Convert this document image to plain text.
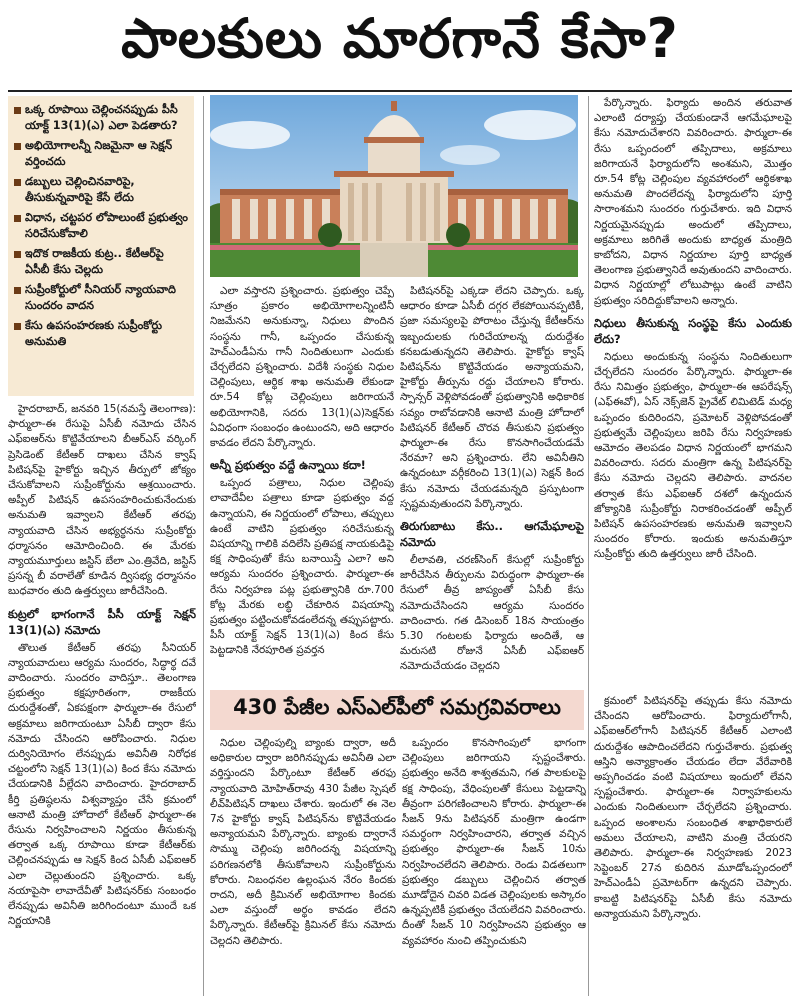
పాలకులు మారగానే కేసా?
ఒక్క రూపాయి చెల్లించనప్పుడు పీసీ యాక్ట్ 13(1)(ఎ) ఎలా పెడతారు?
అభియోగాలన్నీ నిజమైనా ఆ సెక్షన్ వర్తించదు
డబ్బులు చెల్లించినవారిపై, తీసుకున్నవారిపై కేసే లేదు
విధాన, చట్టపర లోపాలుంటే ప్రభుత్వం సరిచేసుకోవాలి
ఇదొక రాజకీయ కుట్ర.. కేటీఆర్‌పై ఏసీబీ కేసు చెల్లదు
సుప్రీంకోర్టులో సీనియర్ న్యాయవాది సుందరం వాదన
కేసు ఉపసంహరణకు సుప్రీంకోర్టు అనుమతి

హైదరాబాద్, జనవరి 15(నమస్తే తెలంగాణ): ఫార్ములా-ఈ రేసుపై ఏసీబీ నమోదు చేసిన ఎఫ్‌ఐఆర్‌ను కొట్టివేయాలని బీఆర్‌ఎస్ వర్కింగ్ ప్రెసిడెంట్ కేటీఆర్ దాఖలు చేసిన క్వాష్ పిటిషన్‌పై హైకోర్టు ఇచ్చిన తీర్పులో జోక్యం చేసుకోవాలని సుప్రీంకోర్టును ఆశ్రయించారు. అప్పీల్ పిటిషన్ ఉపసంహరించుకునేందుకు అనుమతి ఇవ్వాలని కేటీఆర్ తరఫు న్యాయవాది చేసిన అభ్యర్థనను సుప్రీంకోర్టు ధర్మాసనం ఆమోదించింది. ఈ మేరకు న్యాయమూర్తులు జస్టిస్ బేలా ఎం.త్రివేది, జస్టిస్ ప్రసన్న బీ వరాలేతో కూడిన ద్విసభ్య ధర్మాసనం బుధవారం తుది ఉత్తర్వులు జారీచేసింది.

కుట్రలో భాగంగానే పీసీ యాక్ట్ సెక్షన్ 13(1)(ఎ) నమోదు

తొలుత కేటీఆర్ తరఫు సీనియర్ న్యాయవాదులు ఆర్యమ సుందరం, సిద్ధార్థ దవే వాదించారు. సుందరం వాదిస్తూ.. తెలంగాణ ప్రభుత్వం కక్షపూరితంగా, రాజకీయ దురుద్దేశంతో, ఏకపక్షంగా ఫార్ములా-ఈ రేసులో అక్రమాలు జరిగాయంటూ ఏసీబీ ద్వారా కేసు నమోదు చేసిందని ఆరోపించారు. నిధుల దుర్వినియోగం లేనప్పుడు అవినీతి నిరోధక చట్టంలోని సెక్షన్ 13(1)(ఎ) కింద కేసు నమోదు చేయడానికి వీల్లేదని వాదించారు. హైదరాబాద్ కీర్తి ప్రతిష్ఠలను విశ్వవ్యాప్తం చేసే క్రమంలో ఆనాటి మంత్రి హోదాలో కేటీఆర్ ఫార్ములా-ఈ రేసును నిర్వహించాలని నిర్ణయం తీసుకున్న తర్వాత ఒక్క రూపాయి కూడా కేటీఆర్‌కు చెల్లించనప్పుడు ఆ సెక్షన్ కింద ఏసీబీ ఎఫ్‌ఐఆర్ ఎలా చెల్లుతుందని ప్రశ్నించారు. ఒక్క నయాపైసా లావాదేవీతో పిటిషనర్‌కు సంబంధం లేనప్పుడు అవినీతి జరిగిందంటూ ముందే ఒక నిర్ణయానికి

ఎలా వస్తారని ప్రశ్నించారు. ప్రభుత్వం చెప్పే సూత్రం ప్రకారం అభియోగాలన్నింటినీ నిజమేనని అనుకున్నా, నిధులు పొందిన సంస్థను గానీ, ఒప్పందం చేసుకున్న హెచ్‌ఎండీఏను గానీ నిందితులుగా ఎందుకు చేర్చలేదని ప్రశ్నించారు. విదేశీ సంస్థకు నిధుల చెల్లింపులు, ఆర్థిక శాఖ అనుమతి లేకుండా రూ.54 కోట్ల చెల్లింపులు జరిగాయనే అభియోగానికి, సదరు 13(1)(ఎ)సెక్షన్‌కు ఏవిధంగా సంబంధం ఉంటుందని, అది ఆధారం కావడం లేదని పేర్కొన్నారు.

అన్నీ ప్రభుత్వం వద్దే ఉన్నాయి కదా!

ఒప్పంద పత్రాలు, నిధుల చెల్లింపు లావాదేవీల పత్రాలు కూడా ప్రభుత్వం వద్ద ఉన్నాయని, ఈ నిర్ణయంలో లోపాలు, తప్పులు ఉంటే వాటిని ప్రభుత్వం సరిచేసుకున్న విషయాన్ని గాలికి వదిలేసి ప్రతిపక్ష నాయకుడిపై కక్ష సాధింపుతో కేసు బనాయిస్తే ఎలా? అని ఆర్యమ సుందరం ప్రశ్నించారు. ఫార్ములా-ఈ రేసు నిర్వహణ పట్ల ప్రభుత్వానికి రూ.700 కోట్ల మేరకు లబ్ధి చేకూరిన విషయాన్ని ప్రభుత్వం పట్టించుకోవడంలేదన్న తప్పుపట్టారు. పీసీ యాక్ట్ సెక్షన్ 13(1)(ఎ) కింద కేసు పెట్టడానికి నేరపూరిత ప్రవర్తన

పిటిషనర్‌పై ఎక్కడా లేదని చెప్పారు. ఒక్క ఆధారం కూడా ఏసీబీ దగ్గర లేకపోయినప్పటికీ, ప్రజా సమస్యలపై పోరాటం చేస్తున్న కేటీఆర్‌ను ఇబ్బందులకు గురిచేయాలన్న దురుద్దేశం కనబడుతున్నదని తెలిపారు. హైకోర్టు క్వాష్ పిటిషన్‌ను కొట్టివేయడం అన్యాయమని, హైకోర్టు తీర్పును రద్దు చేయాలని కోరారు. స్పాన్సర్ వెళ్లిపోవడంతో ప్రభుత్వానికి అధికారిక సవ్యం రాబోవడానికి ఆనాటి మంత్రి హోదాలో పిటిషనర్ కేటీఆర్ చొరవ తీసుకుని ప్రభుత్వం ఫార్ములా-ఈ రేసు కొనసాగించేయడమే నేరమా? అని ప్రశ్నించారు. లేని అవినీతిని ఉన్నదంటూ వర్గీకరించి 13(1)(ఎ) సెక్షన్ కింద కేసు నమోదు చేయడమన్నది ప్రస్ఫుటంగా స్పష్టమవుతుందని పేర్కొన్నారు.

తిరుగుబాటు కేసు.. ఆగమేఘాలపై నమోదు

లీలావతి, చరణ్‌సింగ్ కేసుల్లో సుప్రీంకోర్టు జారీచేసిన తీర్పులను విరుద్ధంగా ఫార్ములా-ఈ రేసులో తీవ్ర జాప్యంతో ఏసీబీ కేసు నమోదుచేసిందని ఆర్యమ సుందరం వాదించారు. గత డిసెంబర్ 18న సాయంత్రం 5.30 గంటలకు ఫిర్యాదు అందితే, ఆ మరుసటి రోజునే ఏసీబీ ఎఫ్‌ఐఆర్ నమోదుచేయడం చెల్లదని

పేర్కొన్నారు. ఫిర్యాదు అందిన తరువాత ఎలాంటి దర్యాప్తు చేయకుండానే ఆగమేఘాలపై కేసు నమోదుచేశారని వివరించారు. ఫార్ములా-ఈ రేసు ఒప్పందంలో తప్పిదాలు, అక్రమాలు జరిగాయనే ఫిర్యాదులోని అంశమని, మొత్తం రూ.54 కోట్ల చెల్లింపుల వ్యవహారంలో ఆర్థికశాఖ అనుమతి పొందలేదన్న ఫిర్యాదులోని పూర్తి సారాంశమని సుందరం గుర్తుచేశారు. ఇది విధాన నిర్ణయమైనప్పుడు అందులో తప్పిదాలు, అక్రమాలు జరిగితే అందుకు బాధ్యత మంత్రిది కాబోదని, విధాన నిర్ణయాల పూర్తి బాధ్యత తెలంగాణ ప్రభుత్వానిదే అవుతుందని వాదించారు. విధాన నిర్ణయాల్లో లోటుపాట్లు ఉంటే వాటిని ప్రభుత్వం సరిదిద్దుకోవాలని అన్నారు.

నిధులు తీసుకున్న సంస్థపై కేసు ఎందుకు లేదు?

నిధులు అందుకున్న సంస్థను నిందితులుగా చేర్చలేదని సుందరం పేర్కొన్నారు. ఫార్ములా-ఈ రేసు నిమిత్తం ప్రభుత్వం, ఫార్ములా-ఈ ఆపరేషన్స్ (ఎఫ్ఈవో), ఏస్ నెక్స్‌జెన్ ప్రైవేట్ లిమిటెడ్ మధ్య ఒప్పందం కుదిరిందని, ప్రమోటర్ వెళ్లిపోవడంతో ప్రభుత్వమే చెల్లింపులు జరిపి రేసు నిర్వహణకు ఆమోదం తెలపడం విధాన నిర్ణయంలో భాగమని వివరించారు. సదరు మంత్రిగా ఉన్న పిటిషనర్‌పై కేసు నమోదు చెల్లదని తెలిపారు. వాదనల తర్వాత కేసు ఎఫ్‌ఐఆర్ దశలో ఉన్నందున జోక్యానికి సుప్రీంకోర్టు నిరాకరించడంతో అప్పీల్ పిటిషన్ ఉపసంహరణకు అనుమతి ఇవ్వాలని సుందరం కోరారు. ఇందుకు అనుమతిస్తూ సుప్రీంకోర్టు తుది ఉత్తర్వులు జారీ చేసింది.

430 పేజీల ఎస్ఎల్‌పీలో సమగ్రవివరాలు

నిధుల చెల్లింపుల్ని బ్యాంకు ద్వారా, అదీ అధికారుల ద్వారా జరిగినప్పుడు అవినీతి ఎలా వర్తిస్తుందని పేర్కొంటూ కేటీఆర్ తరఫు న్యాయవాది మోహిత్‌రావు 430 పేజీల స్పెషల్ లీవ్‌పిటిషన్ దాఖలు చేశారు. ఇందులో ఈ నెల 7న హైకోర్టు క్వాష్ పిటిషన్‌ను కొట్టివేయడం అన్యాయమని పేర్కొన్నారు. బ్యాంకు ద్వారానే సొమ్ము చెల్లింపు జరిగిందన్న విషయాన్ని పరిగణనలోకి తీసుకోవాలని సుప్రీంకోర్టును కోరారు. నిబంధనల ఉల్లంఘన నేరం కిందకు రాదని, అదీ క్రిమినల్ అభియోగాల కిందకు ఎలా వస్తుందో అర్థం కావడం లేదని పేర్కొన్నారు. కేటీఆర్‌పై క్రిమినల్ కేసు నమోదు చెల్లదని తెలిపారు.

ఒప్పందం కొనసాగింపులో భాగంగా చెల్లింపులు జరిగాయని స్పష్టంచేశారు. ప్రభుత్వం అనేది శాశ్వతమని, గత పాలకులపై కక్ష సాధింపు, వేధింపులతో కేసులు పెట్టడాన్ని తీవ్రంగా పరిగణించాలని కోరారు. ఫార్ములా-ఈ సీజన్ 9ను పిటిషనర్ మంత్రిగా ఉండగా సమర్థంగా నిర్వహించారని, తర్వాత వచ్చిన ప్రభుత్వం ఫార్ములా-ఈ సీజన్ 10ను నిర్వహించలేదని తెలిపారు. రెండు విడతలుగా ప్రభుత్వం డబ్బులు చెల్లించిన తర్వాత మూడోదైన చివరి విడత చెల్లింపులకు అస్కారం ఉన్నప్పటికీ ప్రభుత్వం చేయలేదని వివరించారు. దీంతో సీజన్ 10 నిర్వహించని ప్రభుత్వం ఆ వ్యవహారం నుంచి తప్పించుకుని

క్రమంలో పిటిషనర్‌పై తప్పుడు కేసు నమోదు చేసిందని ఆరోపించారు. ఫిర్యాదులోగానీ, ఎఫ్‌ఐఆర్‌లోగానీ పిటిషనర్ కేటీఆర్ ఎలాంటి దురుద్దేశం ఆపాదించలేదని గుర్తుచేశారు. ప్రభుత్వ ఆస్తిని అన్యాక్రాంతం చేయడం లేదా వేరేవారికి అప్పగించడం వంటి విషయాలు ఇందులో లేవని స్పష్టంచేశారు. ఫార్ములా-ఈ నిర్వాహకులను ఎందుకు నిందితులుగా చేర్చలేదని ప్రశ్నించారు. ఒప్పంద అంశాలను సంబంధిత శాఖాధికారులే అమలు చేయాలని, వాటిని మంత్రి చేయరని తెలిపారు. ఫార్ములా-ఈ నిర్వహణకు 2023 సెప్టెంబర్ 27న కుదిరిన మూడోఒప్పందంలో హెచ్‌ఎండీఏ ప్రమోటర్‌గా ఉన్నదని చెప్పారు. కాబట్టి పిటిషనర్‌పై ఏసీబీ కేసు నమోదు అన్యాయమని పేర్కొన్నారు.
